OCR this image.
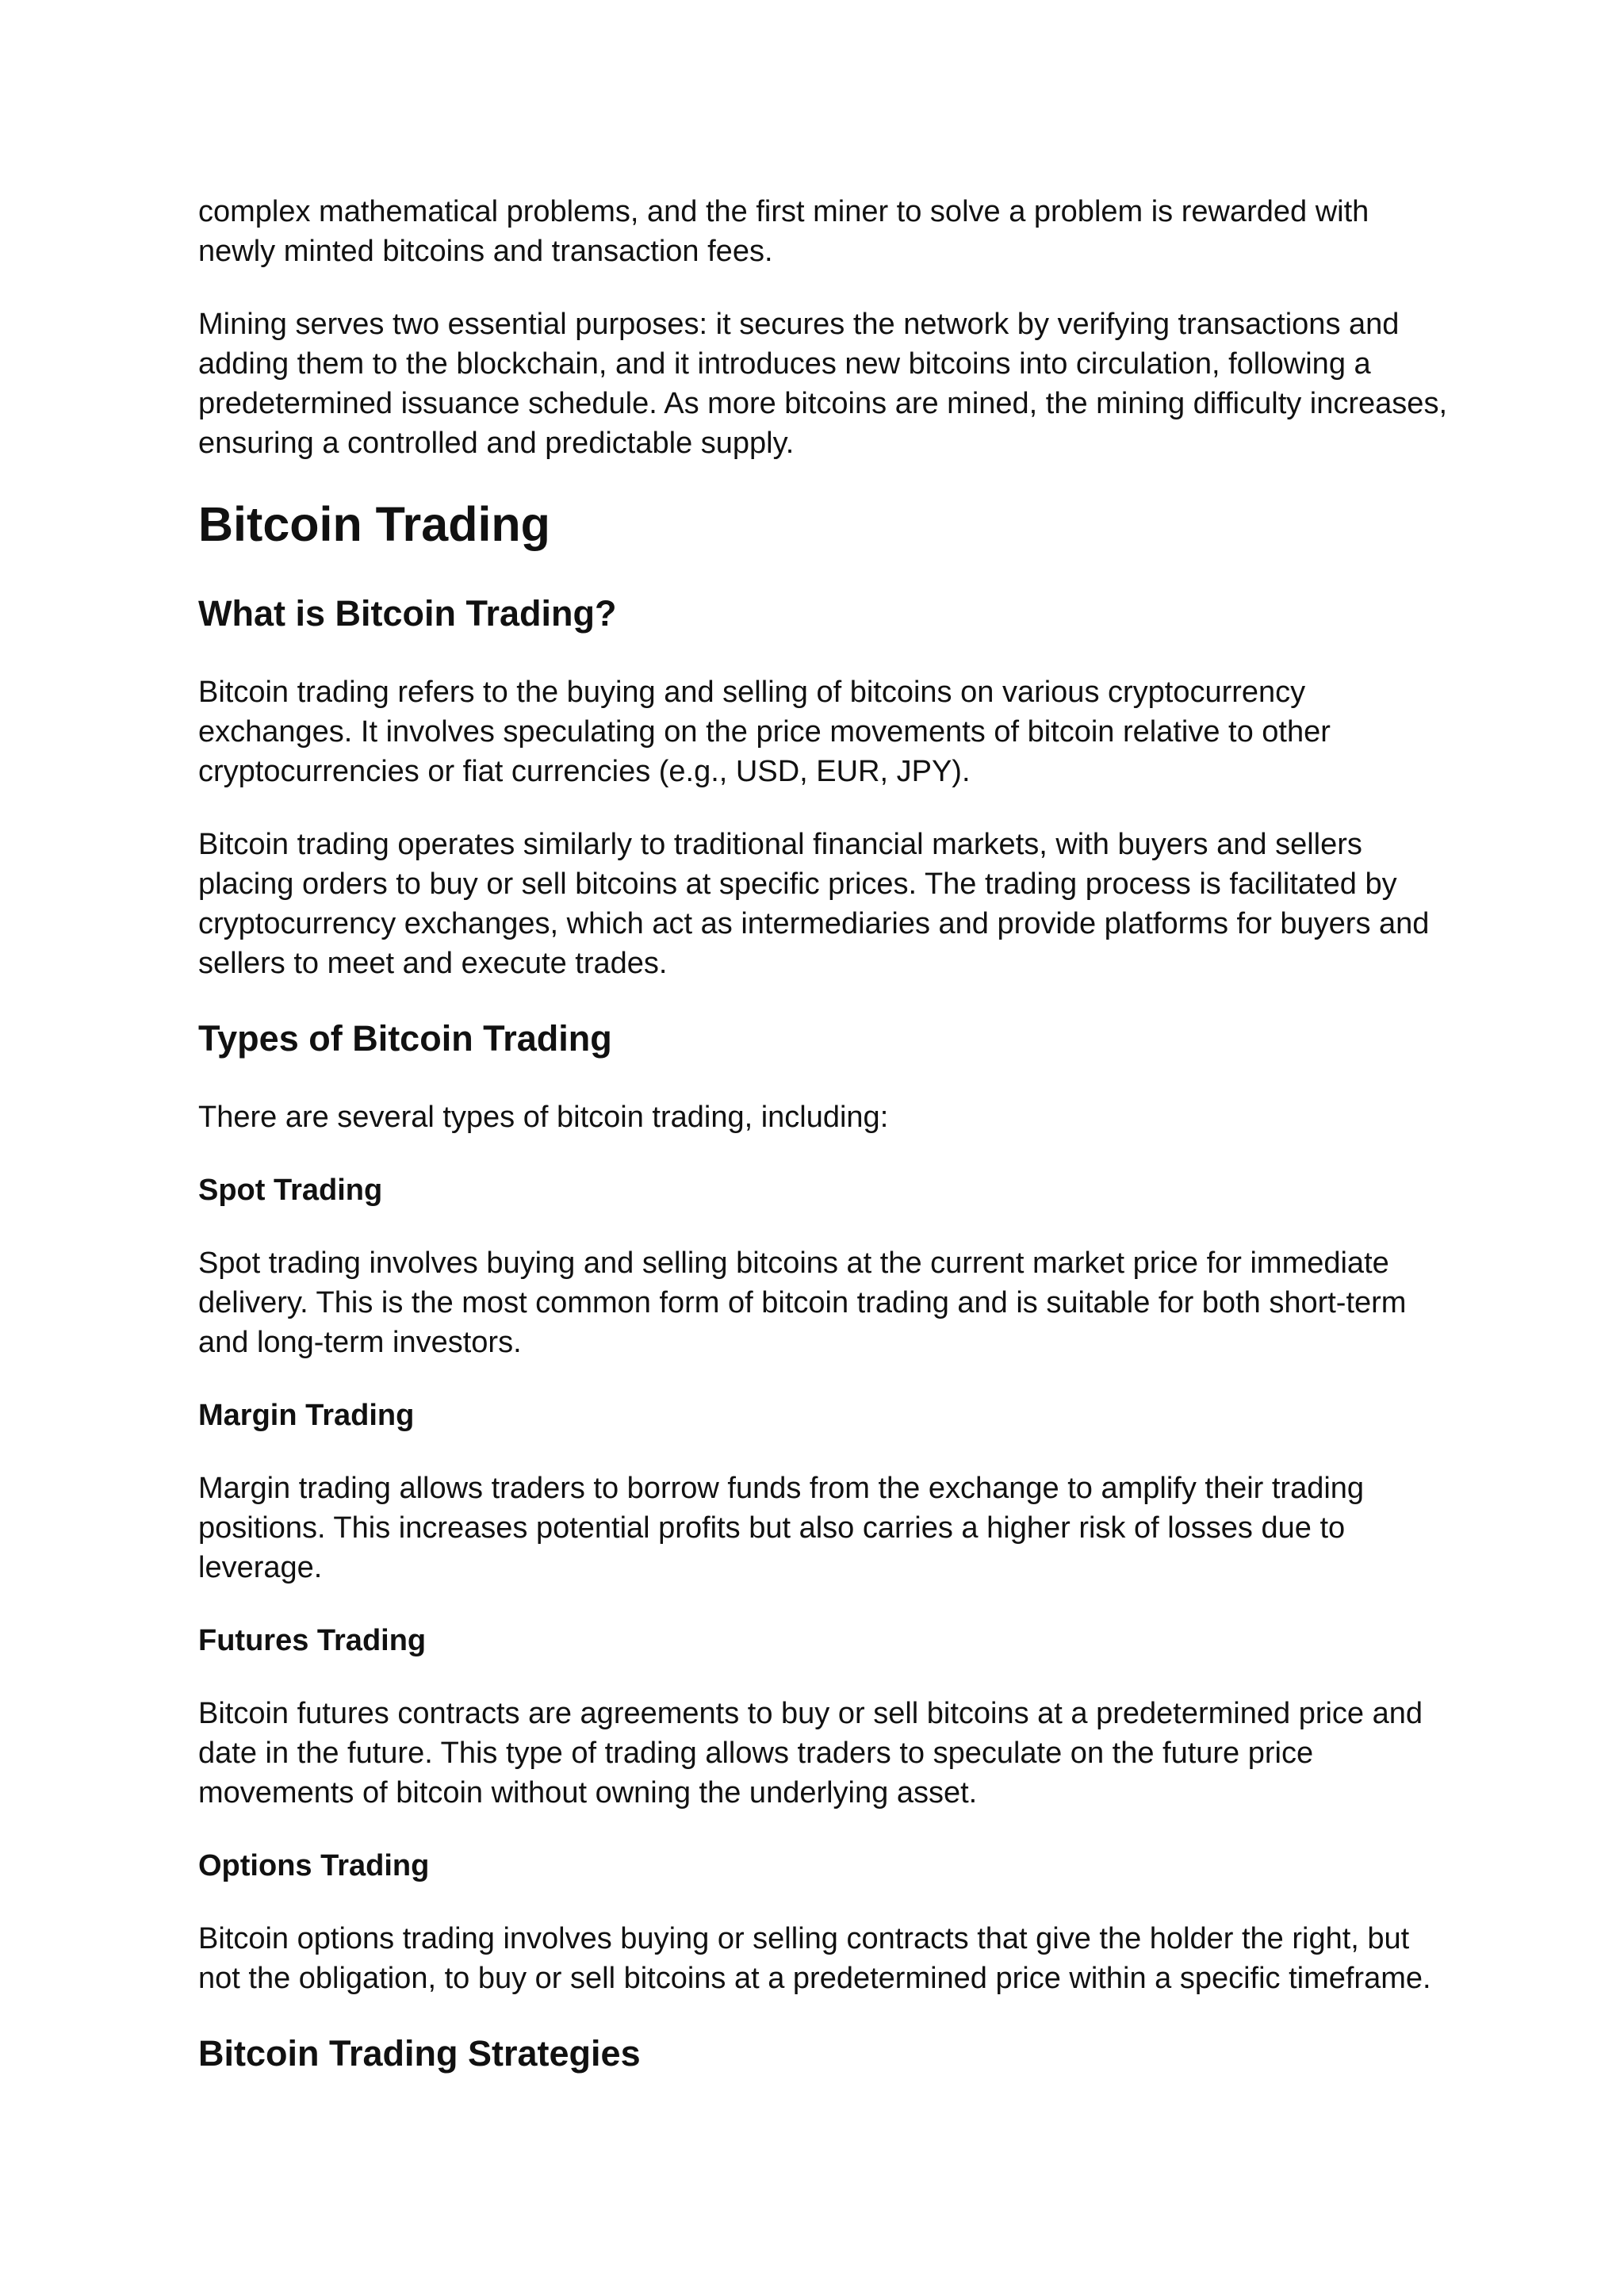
complex mathematical problems, and the first miner to solve a problem is rewarded with newly minted bitcoins and transaction fees.

Mining serves two essential purposes: it secures the network by verifying transactions and adding them to the blockchain, and it introduces new bitcoins into circulation, following a predetermined issuance schedule. As more bitcoins are mined, the mining difficulty increases, ensuring a controlled and predictable supply.

Bitcoin Trading
What is Bitcoin Trading?

Bitcoin trading refers to the buying and selling of bitcoins on various cryptocurrency exchanges. It involves speculating on the price movements of bitcoin relative to other cryptocurrencies or fiat currencies (e.g., USD, EUR, JPY).

Bitcoin trading operates similarly to traditional financial markets, with buyers and sellers placing orders to buy or sell bitcoins at specific prices. The trading process is facilitated by cryptocurrency exchanges, which act as intermediaries and provide platforms for buyers and sellers to meet and execute trades.

Types of Bitcoin Trading

There are several types of bitcoin trading, including:

Spot Trading

Spot trading involves buying and selling bitcoins at the current market price for immediate delivery. This is the most common form of bitcoin trading and is suitable for both short-term and long-term investors.

Margin Trading

Margin trading allows traders to borrow funds from the exchange to amplify their trading positions. This increases potential profits but also carries a higher risk of losses due to leverage.

Futures Trading

Bitcoin futures contracts are agreements to buy or sell bitcoins at a predetermined price and date in the future. This type of trading allows traders to speculate on the future price movements of bitcoin without owning the underlying asset.

Options Trading

Bitcoin options trading involves buying or selling contracts that give the holder the right, but not the obligation, to buy or sell bitcoins at a predetermined price within a specific timeframe.

Bitcoin Trading Strategies
